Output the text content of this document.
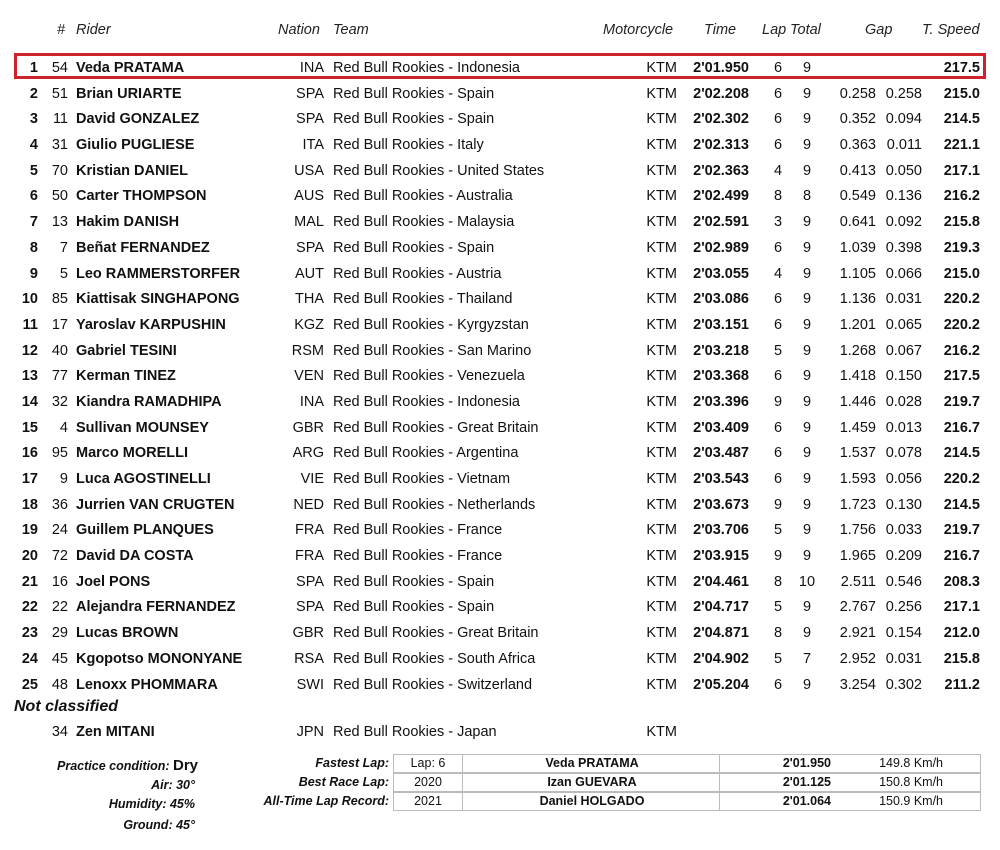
# Rider	Nation Team	Motorcycle Time Lap Total	Gap T. Speed
1 54 Veda PRATAMA	INA Red Bull Rookies - Indonesia	KTM	2'01.950 6	9	217.5
2 51 Brian URIARTE	SPA Red Bull Rookies - Spain	KTM	2'02.208 6	9	0.258 0.258	215.0
3	11 David GONZALEZ	SPA Red Bull Rookies - Spain	KTM	2'02.302 6	9	0.352 0.094	214.5
4 31 Giulio PUGLIESE	ITA Red Bull Rookies - Italy	KTM	2'02.313 6	9	0.363 0.011	221.1
5 70 Kristian DANIEL	USA Red Bull Rookies - United States	KTM	2'02.363 4	9	0.413 0.050	217.1
6 50 Carter THOMPSON	AUS Red Bull Rookies - Australia	KTM	2'02.499 8	8	0.549 0.136	216.2
7 13 Hakim DANISH	MAL Red Bull Rookies - Malaysia	KTM	2'02.591 3	9	0.641 0.092	215.8
8	7 Beñat FERNANDEZ	SPA Red Bull Rookies - Spain	KTM	2'02.989 6	9	1.039 0.398	219.3
9	5 Leo RAMMERSTORFER	AUT Red Bull Rookies - Austria	KTM	2'03.055 4	9	1.105 0.066	215.0
10 85 Kiattisak SINGHAPONG	THA Red Bull Rookies - Thailand	KTM	2'03.086 6	9	1.136 0.031	220.2
11 17 Yaroslav KARPUSHIN	KGZ Red Bull Rookies - Kyrgyzstan	KTM	2'03.151 6	9	1.201 0.065	220.2
12 40 Gabriel TESINI	RSM Red Bull Rookies - San Marino	KTM	2'03.218 5	9	1.268 0.067	216.2
13 77 Kerman TINEZ	VEN Red Bull Rookies - Venezuela	KTM	2'03.368 6	9	1.418 0.150	217.5
14 32 Kiandra RAMADHIPA	INA Red Bull Rookies - Indonesia	KTM	2'03.396 9	9	1.446 0.028	219.7
15	4 Sullivan MOUNSEY	GBR Red Bull Rookies - Great Britain	KTM	2'03.409 6	9	1.459 0.013	216.7
16 95 Marco MORELLI	ARG Red Bull Rookies - Argentina	KTM	2'03.487 6	9	1.537 0.078	214.5
17	9 Luca AGOSTINELLI	VIE Red Bull Rookies - Vietnam	KTM	2'03.543 6	9	1.593 0.056	220.2
18 36 Jurrien VAN CRUGTEN	NED Red Bull Rookies - Netherlands	KTM	2'03.673 9	9	1.723 0.130	214.5
19 24 Guillem PLANQUES	FRA Red Bull Rookies - France	KTM	2'03.706 5	9	1.756 0.033	219.7
20 72 David DA COSTA	FRA Red Bull Rookies - France	KTM	2'03.915 9	9	1.965 0.209	216.7
21 16 Joel PONS	SPA Red Bull Rookies - Spain	KTM	2'04.461 8 10	2.511 0.546	208.3
22 22 Alejandra FERNANDEZ	SPA Red Bull Rookies - Spain	KTM	2'04.717 5	9	2.767 0.256	217.1
23 29 Lucas BROWN	GBR Red Bull Rookies - Great Britain	KTM	2'04.871 8	9	2.921 0.154	212.0
24 45 Kgopotso MONONYANE	RSA Red Bull Rookies - South Africa	KTM	2'04.902 5	7	2.952 0.031	215.8
25 48 Lenoxx PHOMMARA	SWI Red Bull Rookies - Switzerland	KTM	2'05.204 6	9	3.254 0.302	211.2
Not classified
34 Zen MITANI	JPN Red Bull Rookies - Japan	KTM
Practice condition: Dry
Air: 30°
Humidity: 45%
Ground: 45°
Fastest Lap:	Lap: 6	Veda PRATAMA	2'01.950	149.8 Km/h
Best Race Lap:	2020	Izan GUEVARA	2'01.125	150.8 Km/h
All-Time Lap Record:	2021	Daniel HOLGADO	2'01.064	150.9 Km/h
